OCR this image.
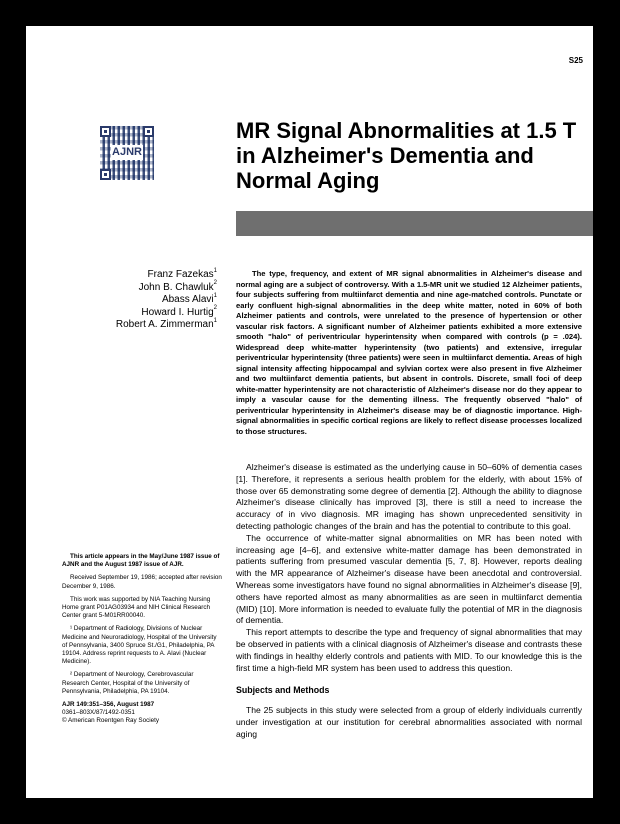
S25
AJNR
MR Signal Abnormalities at 1.5 T in Alzheimer's Dementia and Normal Aging
Franz Fazekas$^1$
John B. Chawluk$^2$
Abass Alavi$^1$
Howard I. Hurtig$^2$
Robert A. Zimmerman$^1$

The type, frequency, and extent of MR signal abnormalities in Alzheimer's disease and normal aging are a subject of controversy. With a 1.5-MR unit we studied 12 Alzheimer patients, four subjects suffering from multiinfarct dementia and nine age-matched controls. Punctate or early confluent high-signal abnormalities in the deep white matter, noted in 60% of both Alzheimer patients and controls, were unrelated to the presence of hypertension or other vascular risk factors. A significant number of Alzheimer patients exhibited a more extensive smooth "halo" of periventricular hyperintensity when compared with controls (p = .024). Widespread deep white-matter hyperintensity (two patients) and extensive, irregular periventricular hyperintensity (three patients) were seen in multiinfarct dementia. Areas of high signal intensity affecting hippocampal and sylvian cortex were also present in five Alzheimer and two multiinfarct dementia patients, but absent in controls. Discrete, small foci of deep white-matter hyperintensity are not characteristic of Alzheimer's disease nor do they appear to imply a vascular cause for the dementing illness. The frequently observed "halo" of periventricular hyperintensity in Alzheimer's disease may be of diagnostic importance. High-signal abnormalities in specific cortical regions are likely to reflect disease processes localized to those structures.

Alzheimer's disease is estimated as the underlying cause in 50–60% of dementia cases [1]. Therefore, it represents a serious health problem for the elderly, with about 15% of those over 65 demonstrating some degree of dementia [2]. Although the ability to diagnose Alzheimer's disease clinically has improved [3], there is still a need to increase the accuracy of in vivo diagnosis. MR imaging has shown unprecedented sensitivity in detecting pathologic changes of the brain and has the potential to contribute to this goal.

The occurrence of white-matter signal abnormalities on MR has been noted with increasing age [4–6], and extensive white-matter damage has been demonstrated in patients suffering from presumed vascular dementia [5, 7, 8]. However, reports dealing with the MR appearance of Alzheimer's disease have been anecdotal and controversial. Whereas some investigators have found no signal abnormalities in Alzheimer's disease [9], others have reported almost as many abnormalities as are seen in multiinfarct dementia (MID) [10]. More information is needed to evaluate fully the potential of MR in the diagnosis of dementia.

This report attempts to describe the type and frequency of signal abnormalities that may be observed in patients with a clinical diagnosis of Alzheimer's disease and contrasts these with findings in healthy elderly controls and patients with MID. To our knowledge this is the first time a high-field MR system has been used to address this question.

Subjects and Methods

The 25 subjects in this study were selected from a group of elderly individuals currently under investigation at our institution for cerebral abnormalities associated with normal aging

This article appears in the May/June 1987 issue of AJNR and the August 1987 issue of AJR.

Received September 19, 1986; accepted after revision December 9, 1986.

This work was supported by NIA Teaching Nursing Home grant P01AG03934 and NIH Clinical Research Center grant 5-M01RR00040.

¹ Department of Radiology, Divisions of Nuclear Medicine and Neuroradiology, Hospital of the University of Pennsylvania, 3400 Spruce St./G1, Philadelphia, PA 19104. Address reprint requests to A. Alavi (Nuclear Medicine).

² Department of Neurology, Cerebrovascular Research Center, Hospital of the University of Pennsylvania, Philadelphia, PA 19104.

AJR 149:351–356, August 1987
0361–803X/87/1492-0351
© American Roentgen Ray Society
